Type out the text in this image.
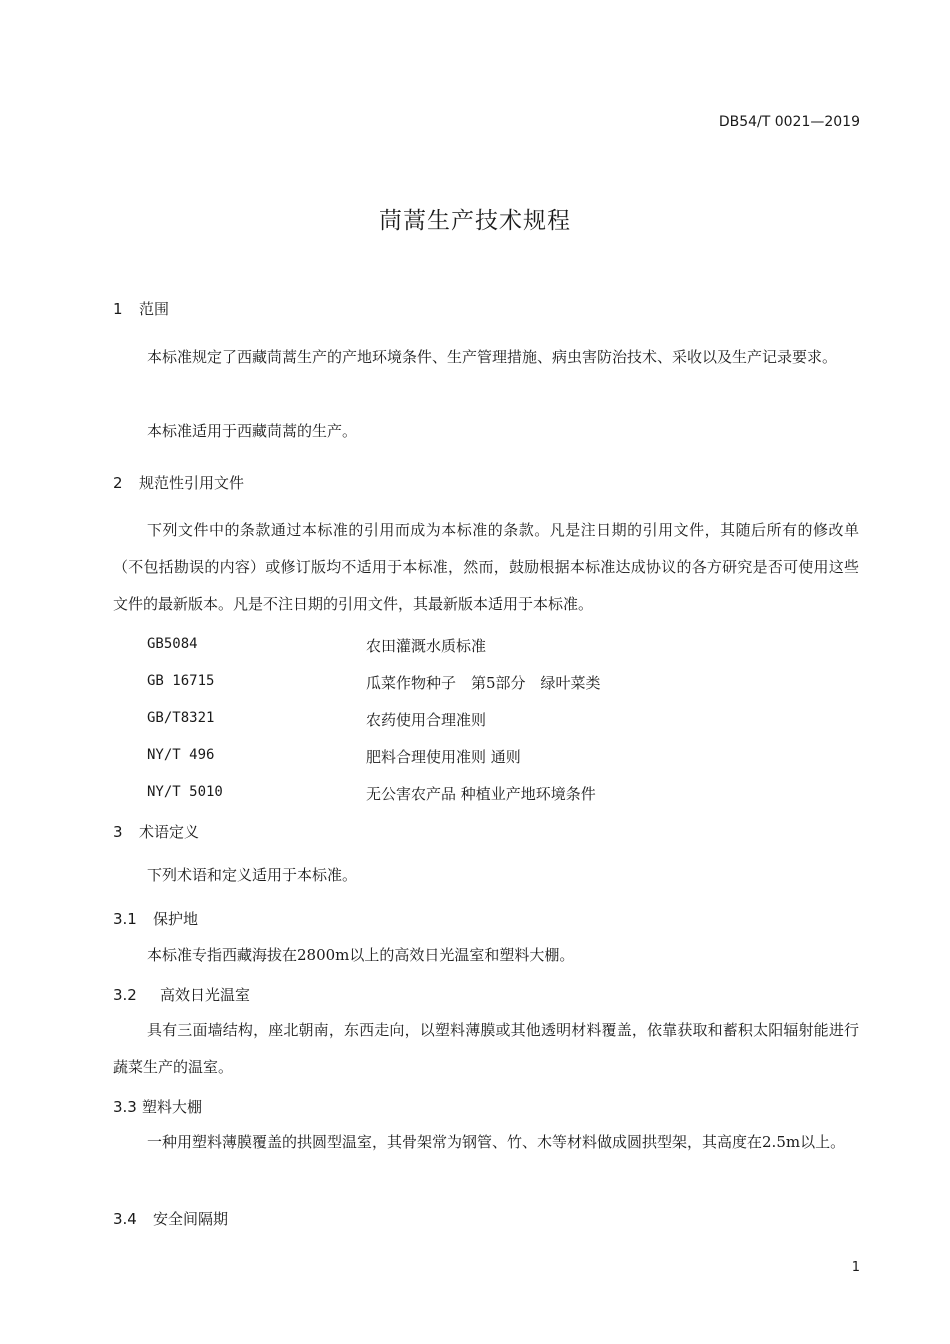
DB54/T 0021—2019
茼蒿生产技术规程
1 范围
本标准规定了西藏茼蒿生产的产地环境条件、生产管理措施、病虫害防治技术、采收以及生产记录要求。
本标准适用于西藏茼蒿的生产。
2 规范性引用文件
下列文件中的条款通过本标准的引用而成为本标准的条款。凡是注日期的引用文件，其随后所有的修改单（不包括勘误的内容）或修订版均不适用于本标准，然而，鼓励根据本标准达成协议的各方研究是否可使用这些文件的最新版本。凡是不注日期的引用文件，其最新版本适用于本标准。
GB5084	农田灌溉水质标准
GB 16715	瓜菜作物种子　第5部分　绿叶菜类
GB/T8321	农药使用合理准则
NY/T 496	肥料合理使用准则 通则
NY/T 5010	无公害农产品 种植业产地环境条件
3 术语定义
下列术语和定义适用于本标准。
3.1 保护地
本标准专指西藏海拔在2800m以上的高效日光温室和塑料大棚。
3.2 高效日光温室
具有三面墙结构，座北朝南，东西走向，以塑料薄膜或其他透明材料覆盖，依靠获取和蓄积太阳辐射能进行蔬菜生产的温室。
3.3 塑料大棚
一种用塑料薄膜覆盖的拱圆型温室，其骨架常为钢管、竹、木等材料做成圆拱型架，其高度在2.5m以上。
3.4 安全间隔期
1
